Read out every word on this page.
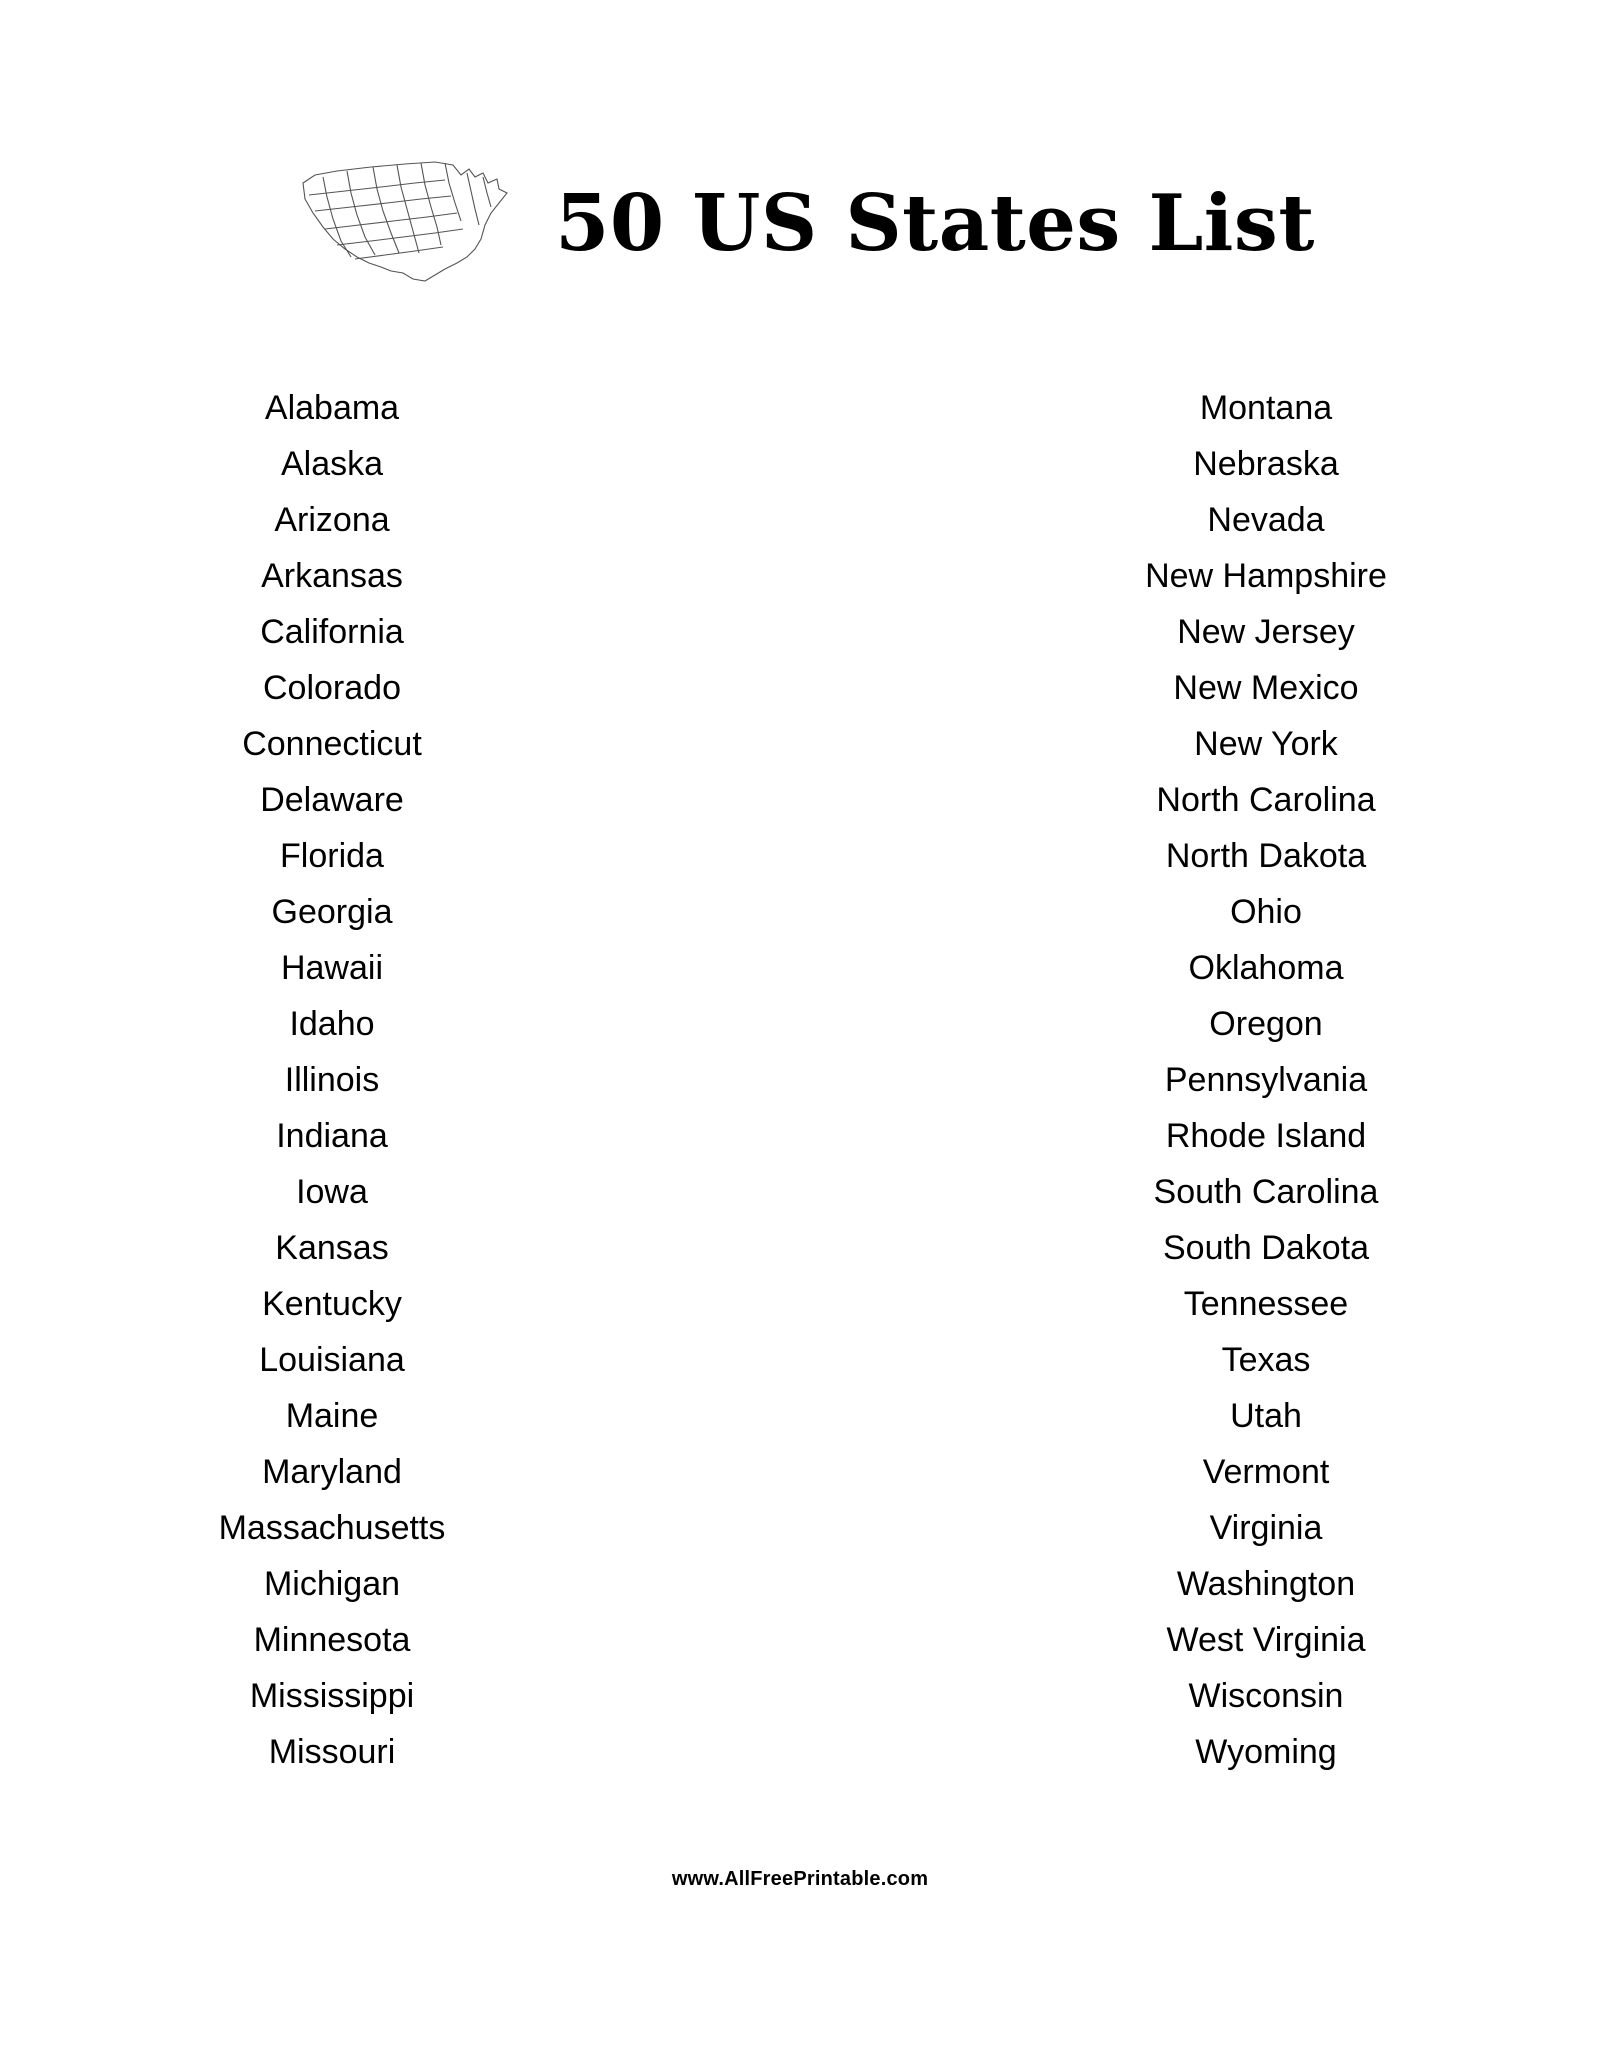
50 US States List
Alabama
Alaska
Arizona
Arkansas
California
Colorado
Connecticut
Delaware
Florida
Georgia
Hawaii
Idaho
Illinois
Indiana
Iowa
Kansas
Kentucky
Louisiana
Maine
Maryland
Massachusetts
Michigan
Minnesota
Mississippi
Missouri
Montana
Nebraska
Nevada
New Hampshire
New Jersey
New Mexico
New York
North Carolina
North Dakota
Ohio
Oklahoma
Oregon
Pennsylvania
Rhode Island
South Carolina
South Dakota
Tennessee
Texas
Utah
Vermont
Virginia
Washington
West Virginia
Wisconsin
Wyoming
www.AllFreePrintable.com
